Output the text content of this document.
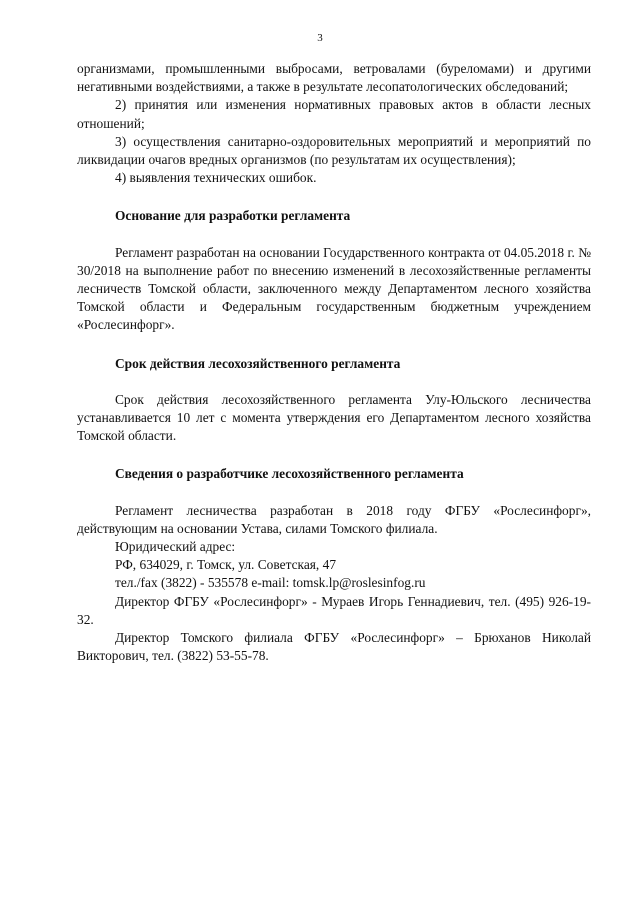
3

организмами, промышленными выбросами, ветровалами (буреломами) и другими негативными воздействиями, а также в результате лесопатологических обследований;

2) принятия или изменения нормативных правовых актов в области лесных отношений;

3) осуществления санитарно-оздоровительных мероприятий и мероприятий по ликвидации очагов вредных организмов (по результатам их осуществления);

4) выявления технических ошибок.

Основание для разработки регламента

Регламент разработан на основании Государственного контракта от 04.05.2018 г. № 30/2018 на выполнение работ по внесению изменений в лесохозяйственные регламенты лесничеств Томской области, заключенного между Департаментом лесного хозяйства Томской области и Федеральным государственным бюджетным учреждением «Рослесинфорг».

Срок действия лесохозяйственного регламента

Срок действия лесохозяйственного регламента Улу-Юльского лесничества устанавливается 10 лет с момента утверждения его Департаментом лесного хозяйства Томской области.

Сведения о разработчике лесохозяйственного регламента

Регламент лесничества разработан в 2018 году ФГБУ «Рослесинфорг», действующим на основании Устава, силами Томского филиала.

Юридический адрес:

РФ, 634029, г. Томск, ул. Советская, 47

тел./fax (3822) - 535578 e-mail: tomsk.lp@roslesinfog.ru

Директор ФГБУ «Рослесинфорг» - Мураев Игорь Геннадиевич, тел. (495) 926-19-32.

Директор Томского филиала ФГБУ «Рослесинфорг» – Брюханов Николай Викторович, тел. (3822) 53-55-78.
